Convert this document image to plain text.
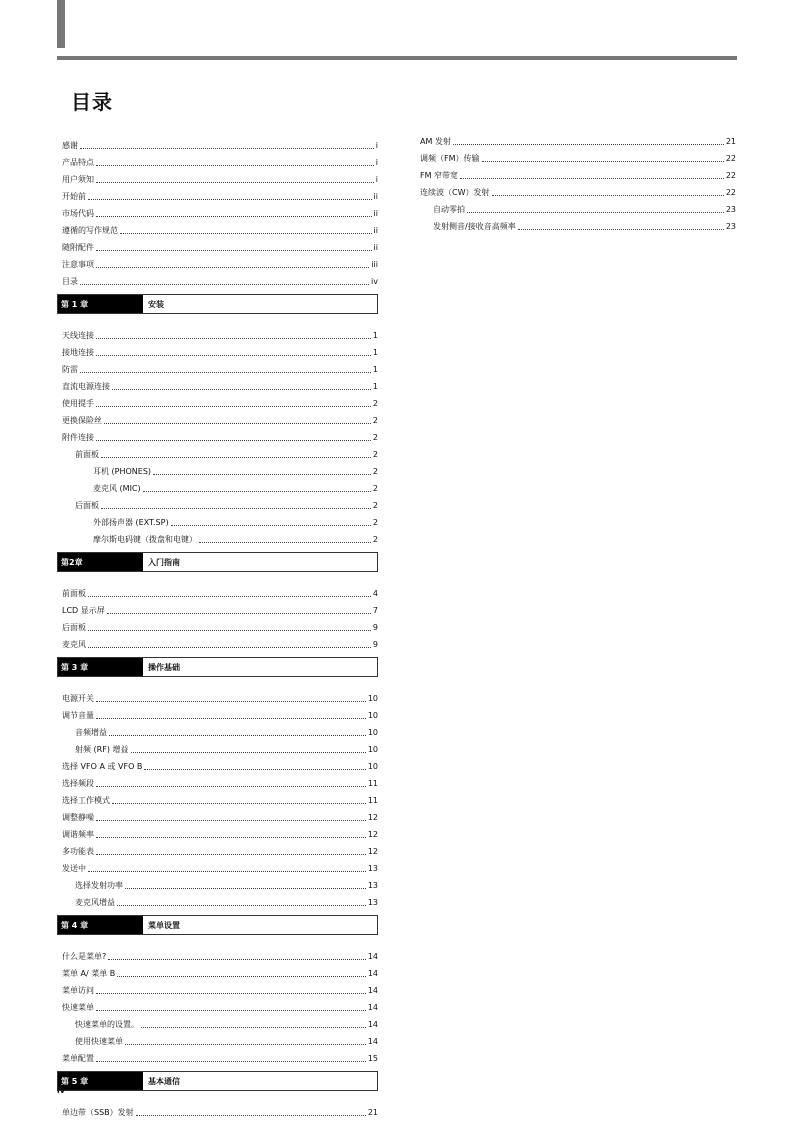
目录
感谢	i
产品特点	i
用户须知	i
开始前	ii
市场代码	ii
遵循的写作规范	ii
随附配件	ii
注意事项	iii
目录	iv
第 1 章	安装
天线连接	1
接地连接	1
防雷	1
直流电源连接	1
使用提手	2
更换保险丝	2
附件连接	2
前面板	2
耳机 (PHONES)	2
麦克风 (MIC)	2
后面板	2
外部扬声器 (EXT.SP)	2
摩尔斯电码键（拨盘和电键）	2
第2章	入门指南
前面板	4
LCD 显示屏	7
后面板	9
麦克风	9
第 3 章	操作基础
电源开关	10
调节音量	10
音频增益	10
射频 (RF) 增益	10
选择 VFO A 或 VFO B	10
选择频段	11
选择工作模式	11
调整静噪	12
调谐频率	12
多功能表	12
发送中	13
选择发射功率	13
麦克风增益	13
第 4 章	菜单设置
什么是菜单?	14
菜单 A/ 菜单 B	14
菜单访问	14
快速菜单	14
快速菜单的设置。	14
使用快速菜单	14
菜单配置	15
第 5 章	基本通信
单边带（SSB）发射	21
AM 发射	21
调频（FM）传输	22
FM 窄带宽	22
连续波（CW）发射	22
自动零拍	23
发射侧音/接收音高频率	23
iv
